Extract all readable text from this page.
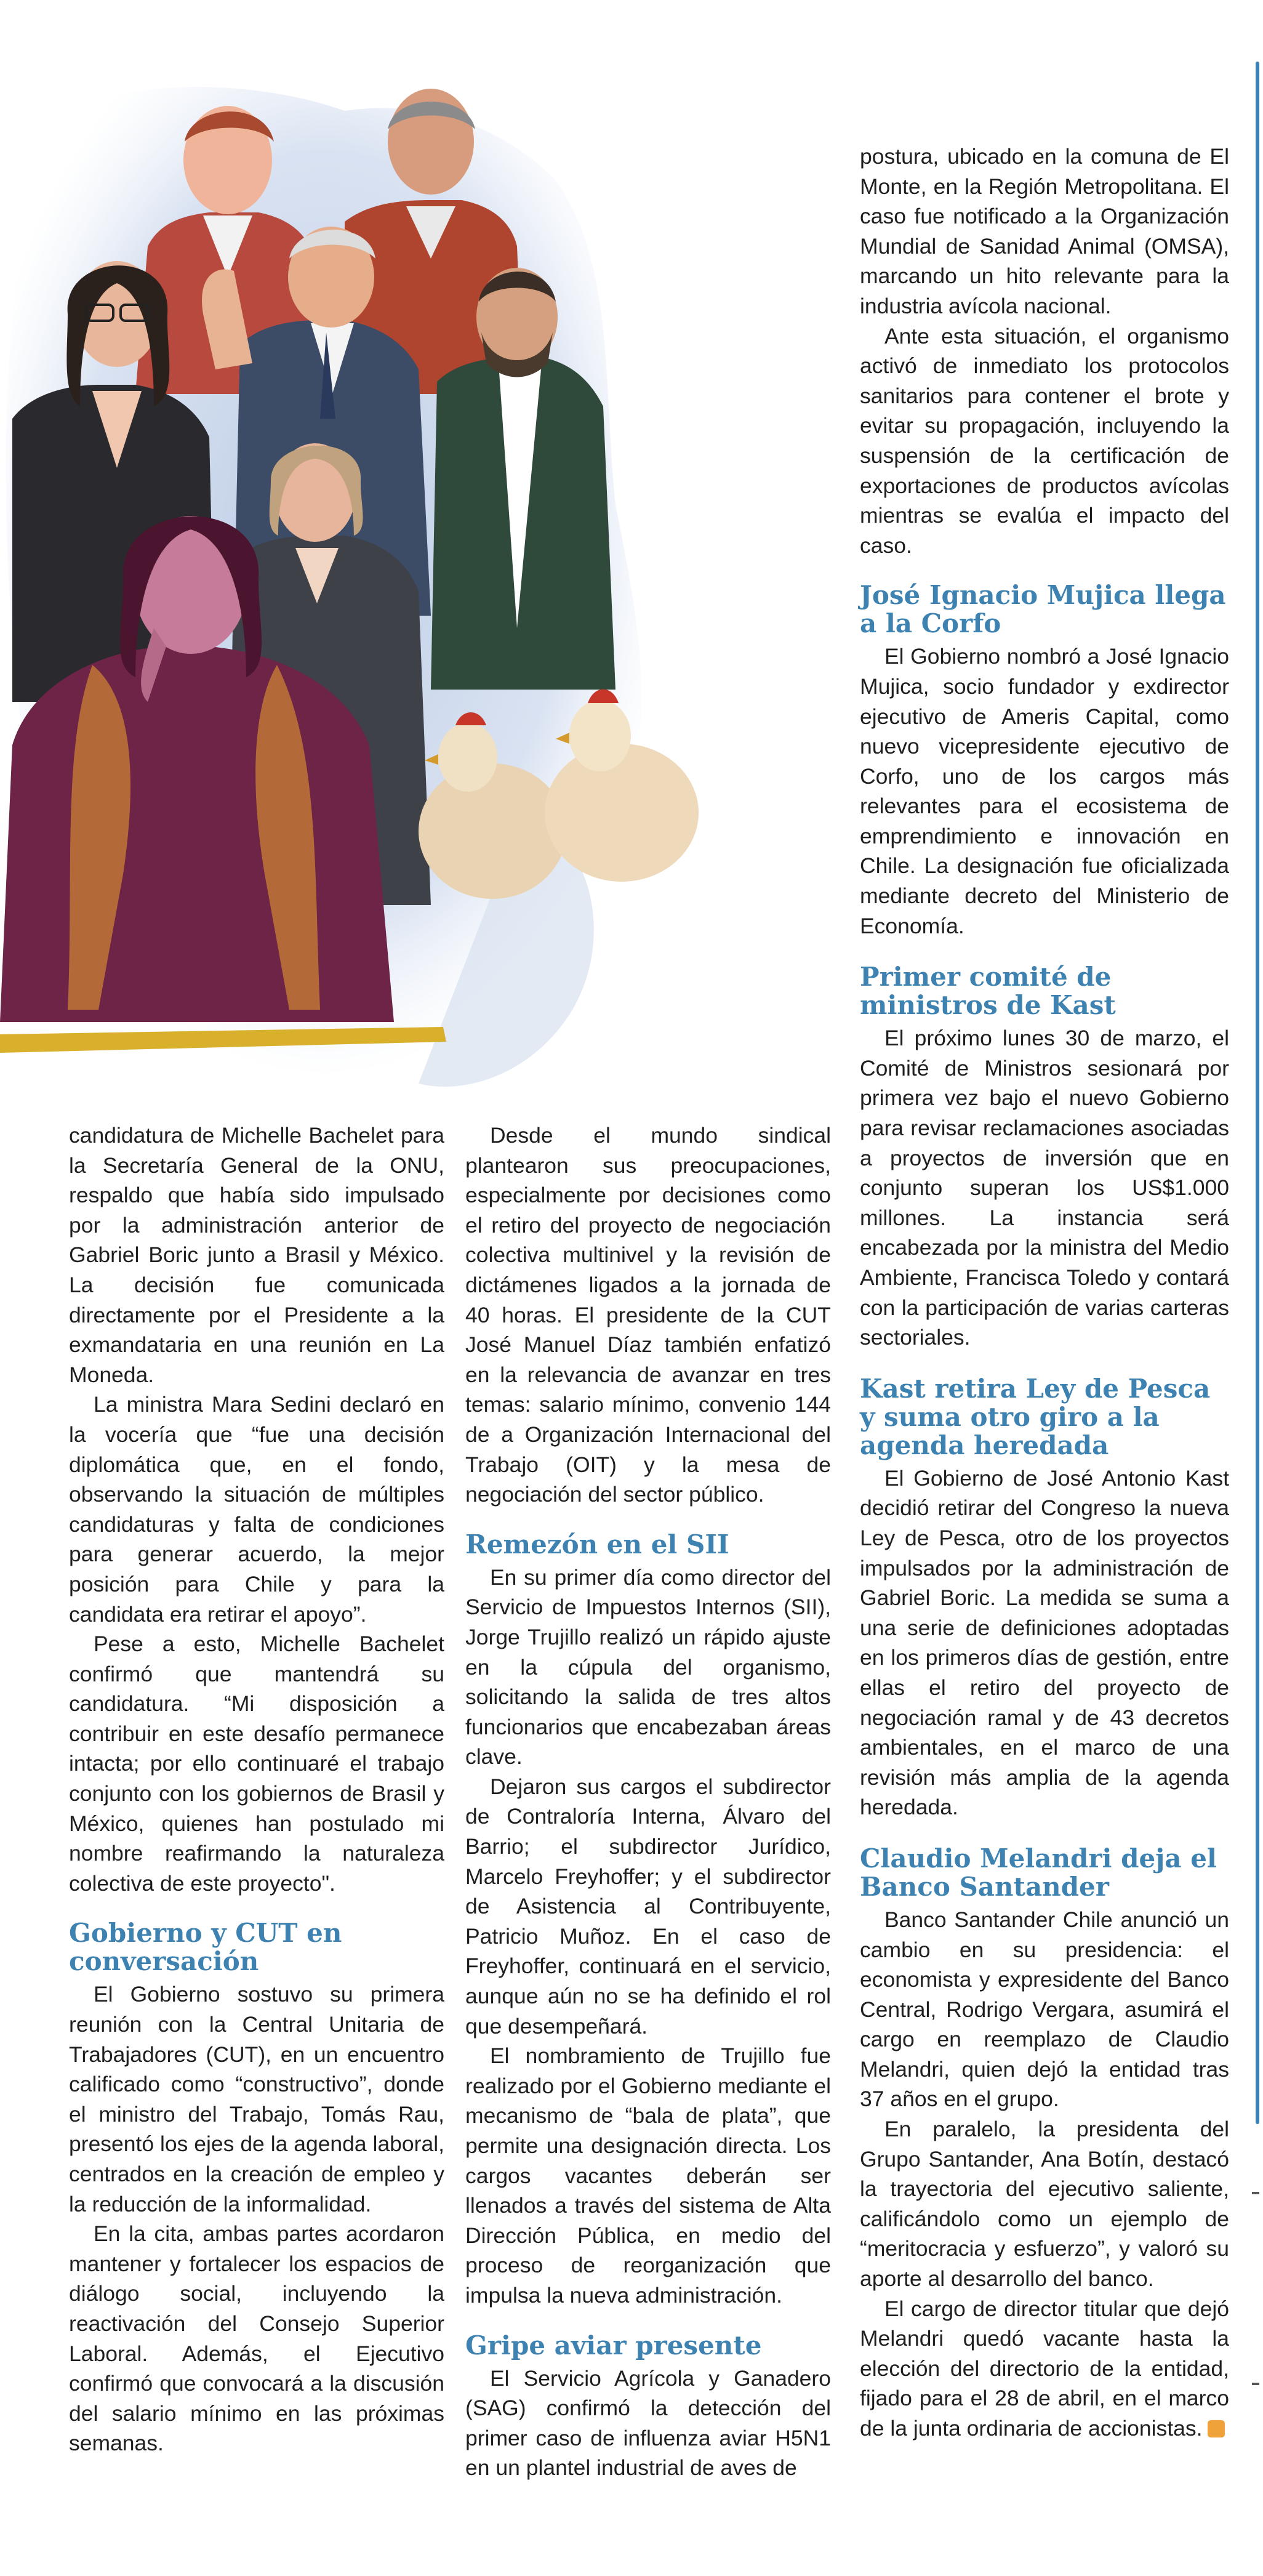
candidatura de Michelle Bachelet para la Secretaría General de la ONU, respaldo que había sido impulsado por la administración anterior de Gabriel Boric junto a Brasil y México. La decisión fue comunicada directamente por el Presidente a la exmandataria en una reunión en La Moneda.

La ministra Mara Sedini declaró en la vocería que “fue una decisión diplomática que, en el fondo, observando la situación de múltiples candidaturas y falta de condiciones para generar acuerdo, la mejor posición para Chile y para la candidata era retirar el apoyo”.

Pese a esto, Michelle Bachelet confirmó que mantendrá su candidatura. “Mi disposición a contribuir en este desafío permanece intacta; por ello continuaré el trabajo conjunto con los gobiernos de Brasil y México, quienes han postulado mi nombre reafirmando la naturaleza colectiva de este proyecto".

Gobierno y CUT en conversación

El Gobierno sostuvo su primera reunión con la Central Unitaria de Trabajadores (CUT), en un encuentro calificado como “constructivo”, donde el ministro del Trabajo, Tomás Rau, presentó los ejes de la agenda laboral, centrados en la creación de empleo y la reducción de la informalidad.

En la cita, ambas partes acordaron mantener y fortalecer los espacios de diálogo social, incluyendo la reactivación del Consejo Superior Laboral. Además, el Ejecutivo confirmó que convocará a la discusión del salario mínimo en las próximas semanas.

Desde el mundo sindical plantearon sus preocupaciones, especialmente por decisiones como el retiro del proyecto de negociación colectiva multinivel y la revisión de dictámenes ligados a la jornada de 40 horas. El presidente de la CUT José Manuel Díaz también enfatizó en la relevancia de avanzar en tres temas: salario mínimo, convenio 144 de a Organización Internacional del Trabajo (OIT) y la mesa de negociación del sector público.

Remezón en el SII

En su primer día como director del Servicio de Impuestos Internos (SII), Jorge Trujillo realizó un rápido ajuste en la cúpula del organismo, solicitando la salida de tres altos funcionarios que encabezaban áreas clave.

Dejaron sus cargos el subdirector de Contraloría Interna, Álvaro del Barrio; el subdirector Jurídico, Marcelo Freyhoffer; y el subdirector de Asistencia al Contribuyente, Patricio Muñoz. En el caso de Freyhoffer, continuará en el servicio, aunque aún no se ha definido el rol que desempeñará.

El nombramiento de Trujillo fue realizado por el Gobierno mediante el mecanismo de “bala de plata”, que permite una designación directa. Los cargos vacantes deberán ser llenados a través del sistema de Alta Dirección Pública, en medio del proceso de reorganización que impulsa la nueva administración.

Gripe aviar presente

El Servicio Agrícola y Ganadero (SAG) confirmó la detección del primer caso de influenza aviar H5N1 en un plantel industrial de aves de

postura, ubicado en la comuna de El Monte, en la Región Metropolitana. El caso fue notificado a la Organización Mundial de Sanidad Animal (OMSA), marcando un hito relevante para la industria avícola nacional.

Ante esta situación, el organismo activó de inmediato los protocolos sanitarios para contener el brote y evitar su propagación, incluyendo la suspensión de la certificación de exportaciones de productos avícolas mientras se evalúa el impacto del caso.

José Ignacio Mujica llega a la Corfo

El Gobierno nombró a José Ignacio Mujica, socio fundador y exdirector ejecutivo de Ameris Capital, como nuevo vicepresidente ejecutivo de Corfo, uno de los cargos más relevantes para el ecosistema de emprendimiento e innovación en Chile. La designación fue oficializada mediante decreto del Ministerio de Economía.

Primer comité de ministros de Kast

El próximo lunes 30 de marzo, el Comité de Ministros sesionará por primera vez bajo el nuevo Gobierno para revisar reclamaciones asociadas a proyectos de inversión que en conjunto superan los US$1.000 millones. La instancia será encabezada por la ministra del Medio Ambiente, Francisca Toledo y contará con la participación de varias carteras sectoriales.

Kast retira Ley de Pesca y suma otro giro a la agenda heredada

El Gobierno de José Antonio Kast decidió retirar del Congreso la nueva Ley de Pesca, otro de los proyectos impulsados por la administración de Gabriel Boric. La medida se suma a una serie de definiciones adoptadas en los primeros días de gestión, entre ellas el retiro del proyecto de negociación ramal y de 43 decretos ambientales, en el marco de una revisión más amplia de la agenda heredada.

Claudio Melandri deja el Banco Santander

Banco Santander Chile anunció un cambio en su presidencia: el economista y expresidente del Banco Central, Rodrigo Vergara, asumirá el cargo en reemplazo de Claudio Melandri, quien dejó la entidad tras 37 años en el grupo.

En paralelo, la presidenta del Grupo Santander, Ana Botín, destacó la trayectoria del ejecutivo saliente, calificándolo como un ejemplo de “meritocracia y esfuerzo”, y valoró su aporte al desarrollo del banco.

El cargo de director titular que dejó Melandri quedó vacante hasta la elección del directorio de la entidad, fijado para el 28 de abril, en el marco de la junta ordinaria de accionistas.
